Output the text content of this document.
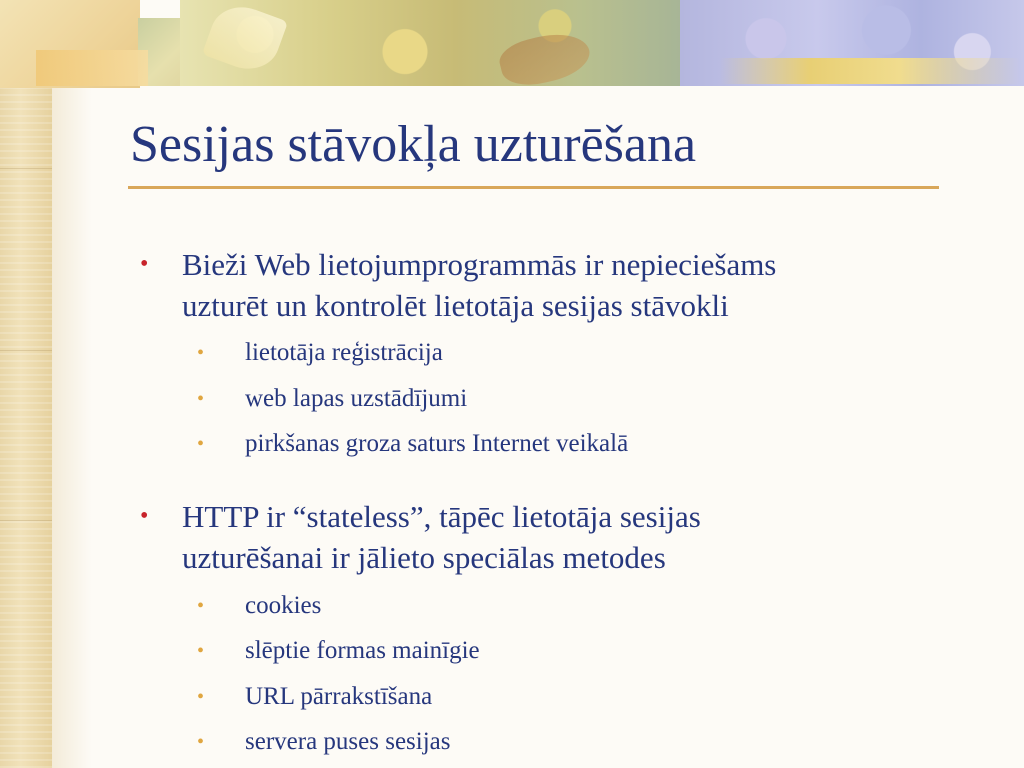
Sesijas stāvokļa uzturēšana
•	Bieži Web lietojumprogrammās ir nepieciešams
uzturēt un kontrolēt lietotāja sesijas stāvokli
• lietotāja reģistrācija
• web lapas uzstādījumi
• pirkšanas groza saturs Internet veikalā
•	HTTP ir “stateless”, tāpēc lietotāja sesijas
uzturēšanai ir jālieto speciālas metodes
• cookies
• slēptie formas mainīgie
• URL pārrakstīšana
• servera puses sesijas
